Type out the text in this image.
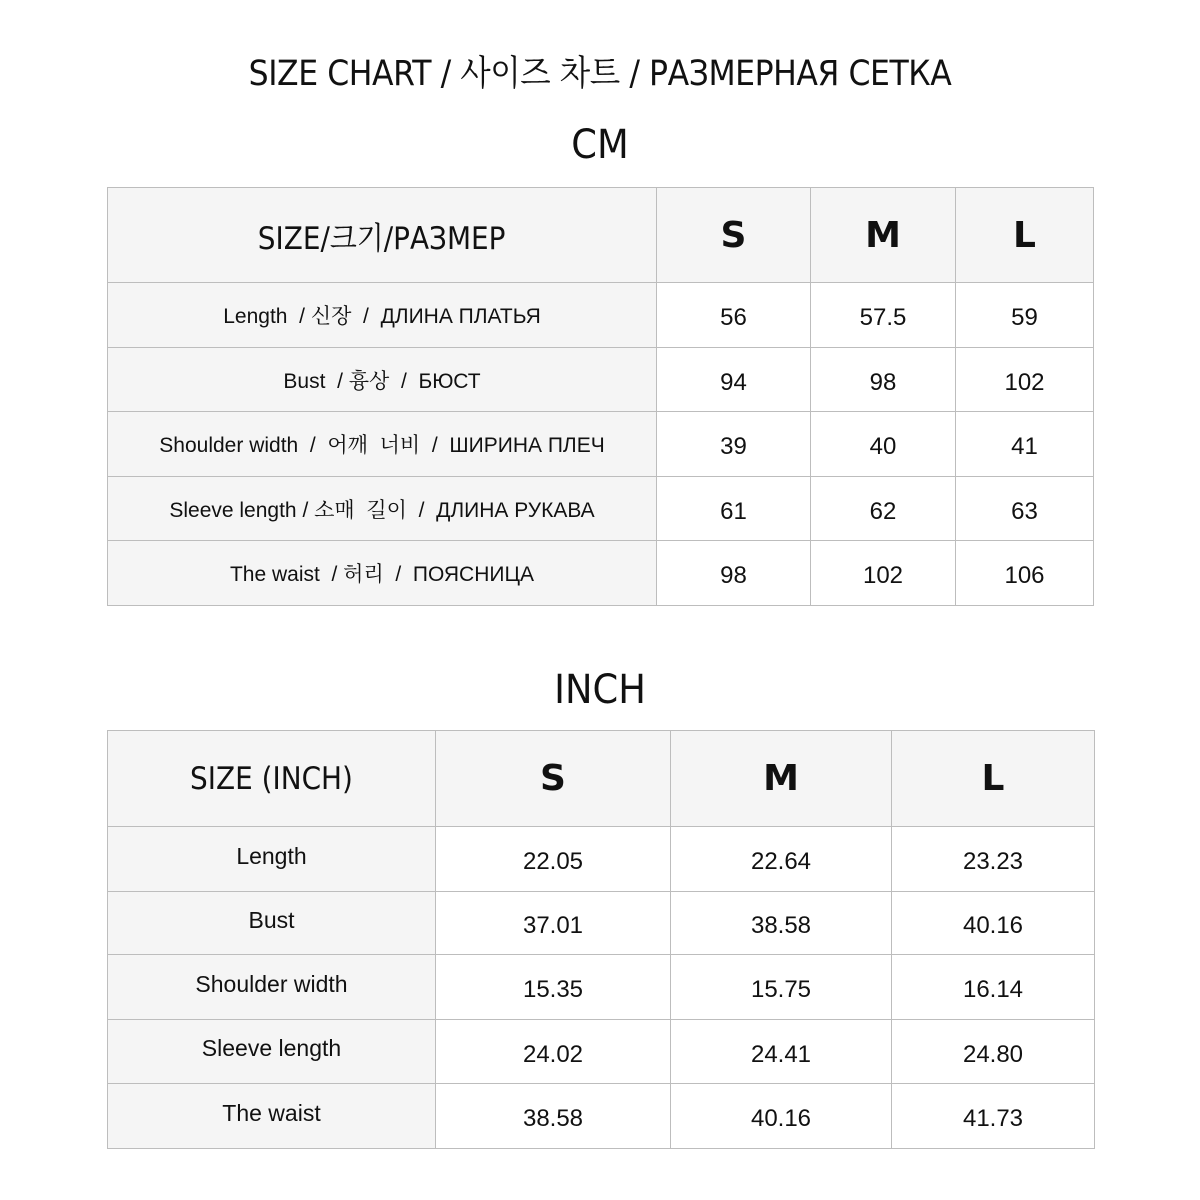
SIZE CHART / 사이즈 차트 / РАЗМЕРНАЯ СЕТКА
CM
SIZE/크기/РАЗМЕР	S	M	L
Length  / 신장  /  ДЛИНА ПЛАТЬЯ	56	57.5	59
Bust  / 흉상  /  БЮСТ	94	98	102
Shoulder width  /  어깨  너비  /  ШИРИНА ПЛЕЧ	39	40	41
Sleeve length / 소매  길이  /  ДЛИНА РУКАВА	61	62	63
The waist  / 허리  /  ПОЯСНИЦА	98	102	106
INCH
SIZE (INCH)	S	M	L
Length	22.05	22.64	23.23
Bust	37.01	38.58	40.16
Shoulder width	15.35	15.75	16.14
Sleeve length	24.02	24.41	24.80
The waist	38.58	40.16	41.73
